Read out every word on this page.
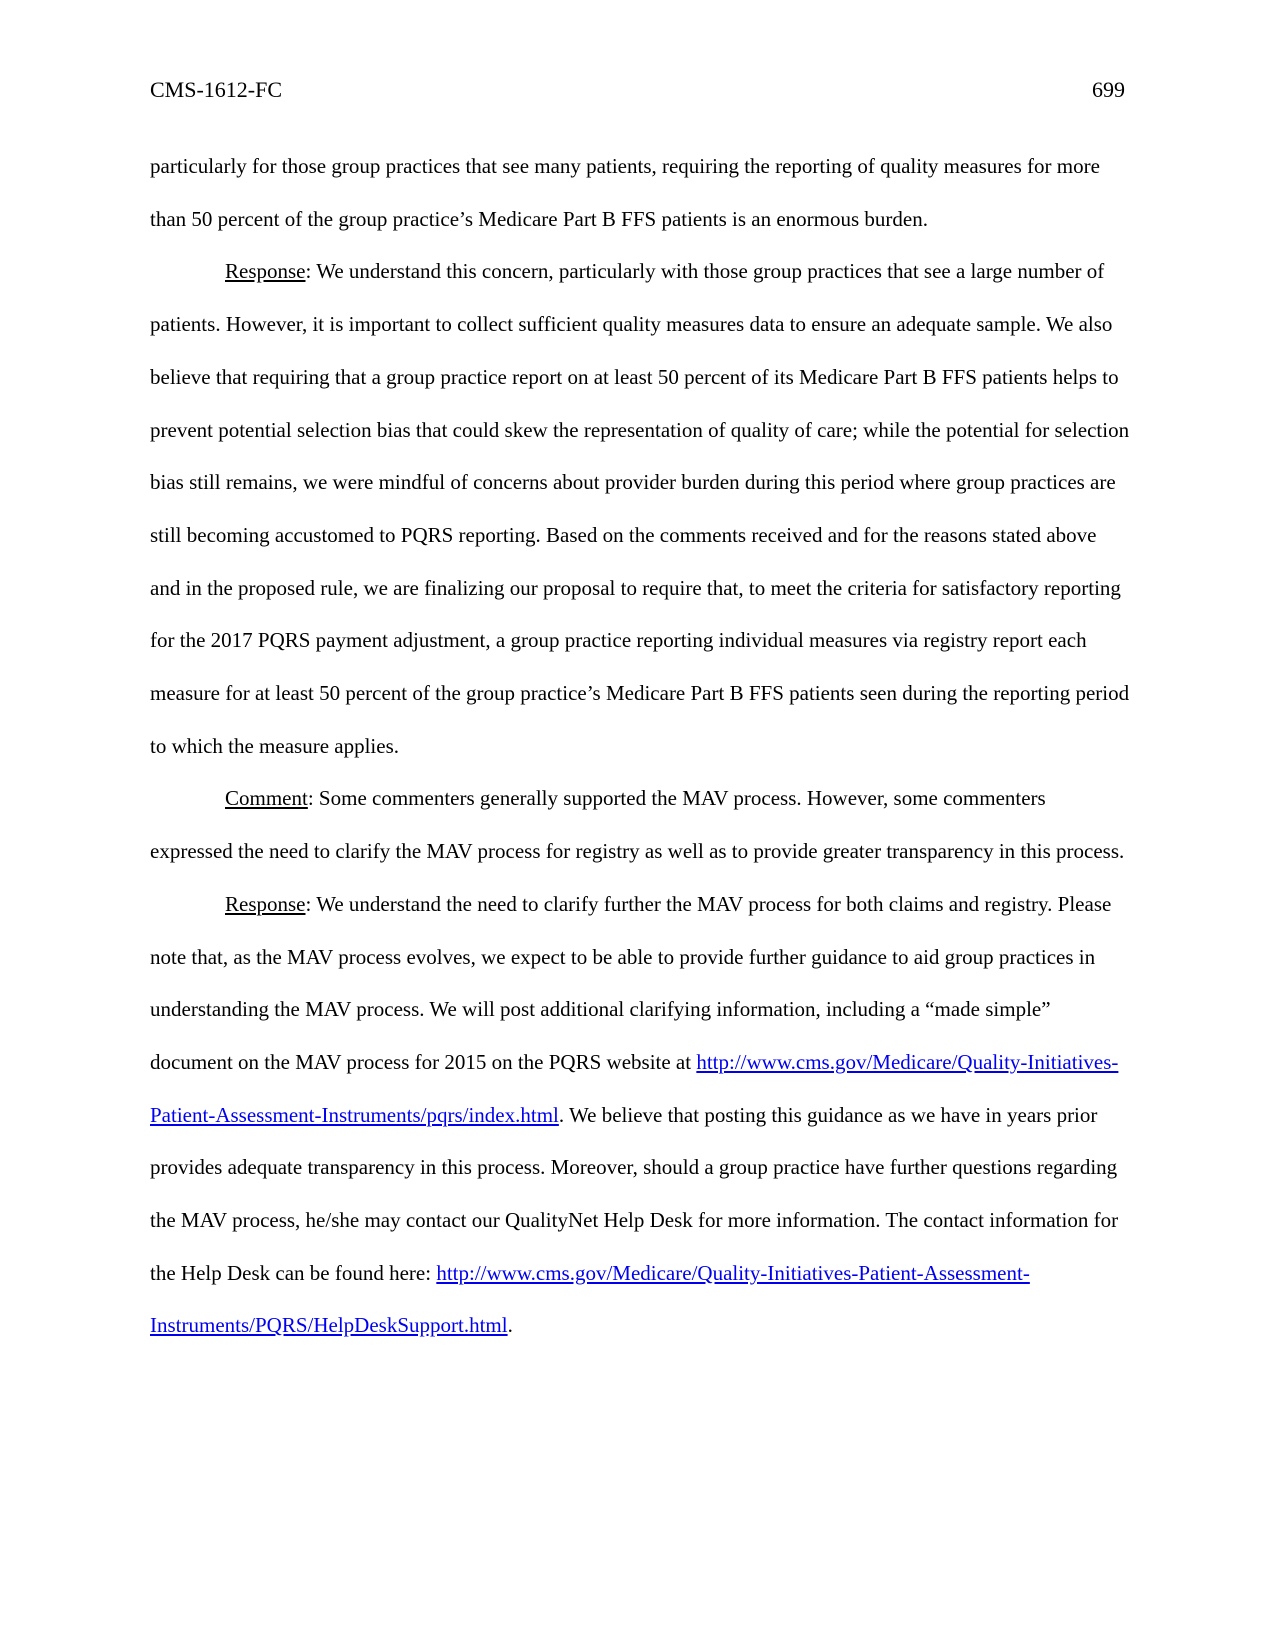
CMS-1612-FC	699

particularly for those group practices that see many patients, requiring the reporting of quality measures for more than 50 percent of the group practice’s Medicare Part B FFS patients is an enormous burden.

Response: We understand this concern, particularly with those group practices that see a large number of patients. However, it is important to collect sufficient quality measures data to ensure an adequate sample. We also believe that requiring that a group practice report on at least 50 percent of its Medicare Part B FFS patients helps to prevent potential selection bias that could skew the representation of quality of care; while the potential for selection bias still remains, we were mindful of concerns about provider burden during this period where group practices are still becoming accustomed to PQRS reporting. Based on the comments received and for the reasons stated above and in the proposed rule, we are finalizing our proposal to require that, to meet the criteria for satisfactory reporting for the 2017 PQRS payment adjustment, a group practice reporting individual measures via registry report each measure for at least 50 percent of the group practice’s Medicare Part B FFS patients seen during the reporting period to which the measure applies.

Comment: Some commenters generally supported the MAV process. However, some commenters expressed the need to clarify the MAV process for registry as well as to provide greater transparency in this process.

Response: We understand the need to clarify further the MAV process for both claims and registry. Please note that, as the MAV process evolves, we expect to be able to provide further guidance to aid group practices in understanding the MAV process. We will post additional clarifying information, including a “made simple” document on the MAV process for 2015 on the PQRS website at http://www.cms.gov/Medicare/Quality-Initiatives-Patient-Assessment-Instruments/pqrs/index.html. We believe that posting this guidance as we have in years prior provides adequate transparency in this process. Moreover, should a group practice have further questions regarding the MAV process, he/she may contact our QualityNet Help Desk for more information. The contact information for the Help Desk can be found here: http://www.cms.gov/Medicare/Quality-Initiatives-Patient-Assessment-Instruments/PQRS/HelpDeskSupport.html.
